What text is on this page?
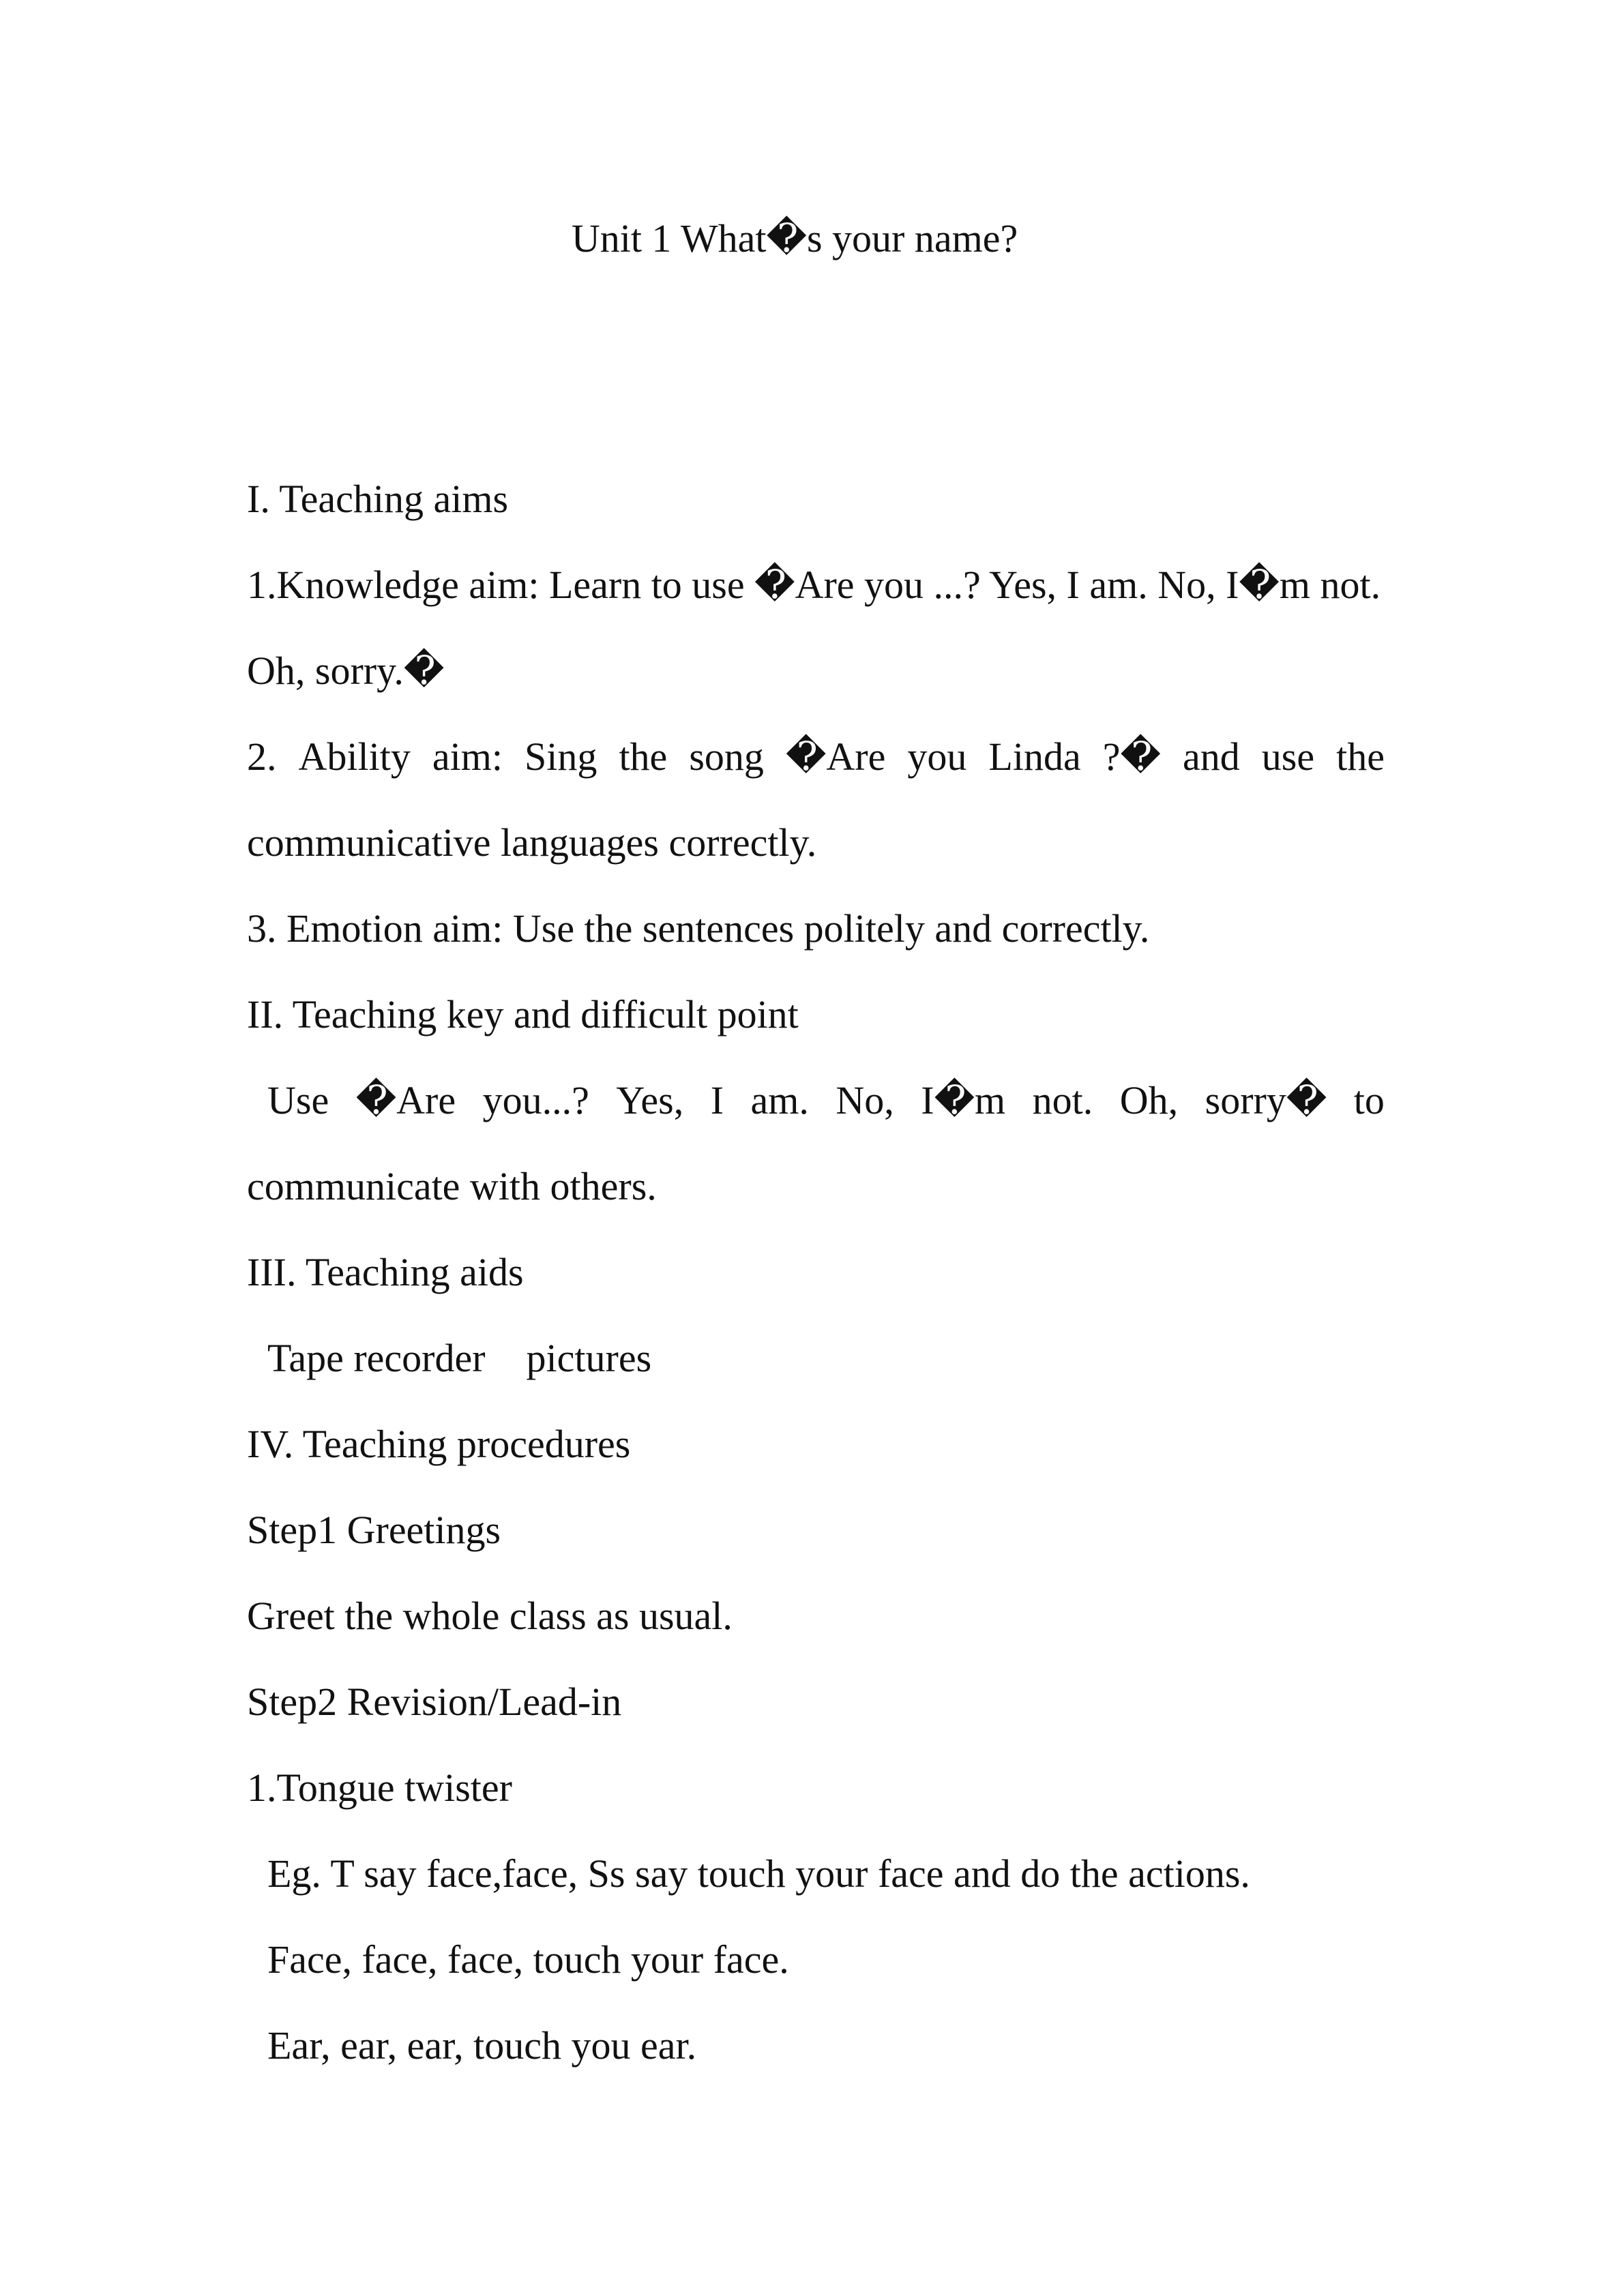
Unit 1 What�s your name?
I. Teaching aims
1.Knowledge aim: Learn to use �Are you ...? Yes, I am. No, I�m not.
Oh, sorry.�
2. Ability aim: Sing the song �Are you Linda ?� and use the
communicative languages correctly.
3. Emotion aim: Use the sentences politely and correctly.
II. Teaching key and difficult point
Use �Are you...? Yes, I am. No, I�m not. Oh, sorry� to
communicate with others.
III. Teaching aids
Tape recorder pictures
IV. Teaching procedures
Step1 Greetings
Greet the whole class as usual.
Step2 Revision/Lead-in
1.Tongue twister
Eg. T say face,face, Ss say touch your face and do the actions.
Face, face, face, touch your face.
Ear, ear, ear, touch you ear.
